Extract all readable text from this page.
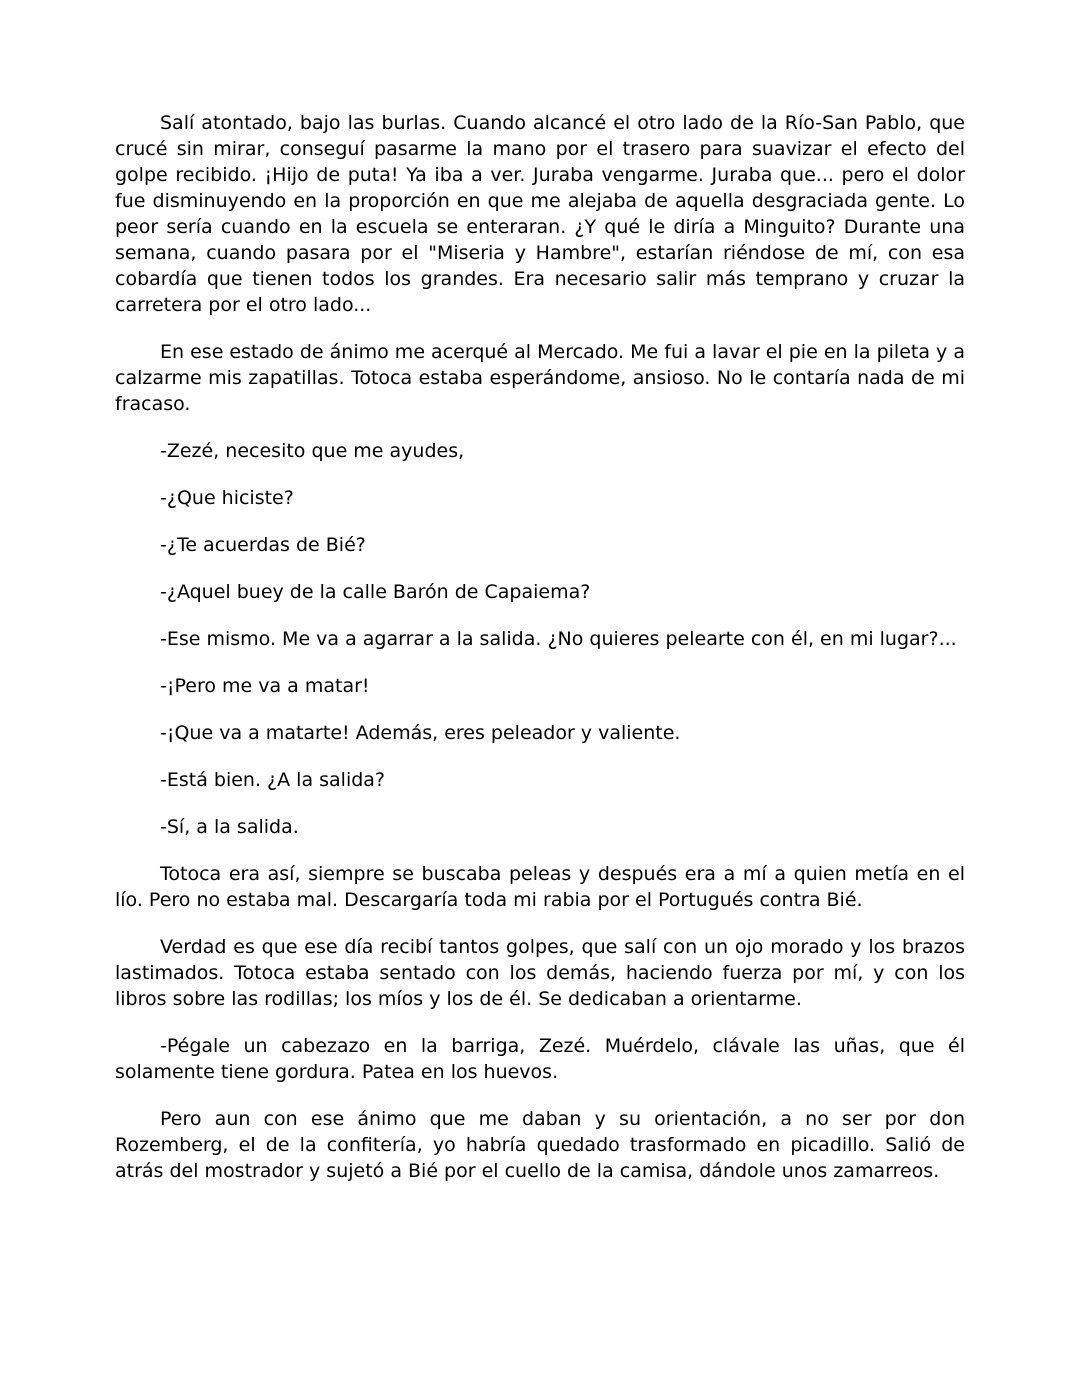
Salí atontado, bajo las burlas. Cuando alcancé el otro lado de la Río-San Pablo, que crucé sin mirar, conseguí pasarme la mano por el trasero para suavizar el efecto del golpe recibido. ¡Hijo de puta! Ya iba a ver. Juraba vengarme. Juraba que... pero el dolor fue disminuyendo en la proporción en que me alejaba de aquella desgraciada gente. Lo peor sería cuando en la escuela se enteraran. ¿Y qué le diría a Minguito? Durante una semana, cuando pasara por el "Miseria y Hambre", estarían riéndose de mí, con esa cobardía que tienen todos los grandes. Era necesario salir más temprano y cruzar la carretera por el otro lado...

En ese estado de ánimo me acerqué al Mercado. Me fui a lavar el pie en la pileta y a calzarme mis zapatillas. Totoca estaba esperándome, ansioso. No le contaría nada de mi fracaso.

-Zezé, necesito que me ayudes,

-¿Que hiciste?

-¿Te acuerdas de Bié?

-¿Aquel buey de la calle Barón de Capaiema?

-Ese mismo. Me va a agarrar a la salida. ¿No quieres pelearte con él, en mi lugar?...

-¡Pero me va a matar!

-¡Que va a matarte! Además, eres peleador y valiente.

-Está bien. ¿A la salida?

-Sí, a la salida.

Totoca era así, siempre se buscaba peleas y después era a mí a quien metía en el lío. Pero no estaba mal. Descargaría toda mi rabia por el Portugués contra Bié.

Verdad es que ese día recibí tantos golpes, que salí con un ojo morado y los brazos lastimados. Totoca estaba sentado con los demás, haciendo fuerza por mí, y con los libros sobre las rodillas; los míos y los de él. Se dedicaban a orientarme.

-Pégale un cabezazo en la barriga, Zezé. Muérdelo, clávale las uñas, que él solamente tiene gordura. Patea en los huevos.

Pero aun con ese ánimo que me daban y su orientación, a no ser por don Rozemberg, el de la confitería, yo habría quedado trasformado en picadillo. Salió de atrás del mostrador y sujetó a Bié por el cuello de la camisa, dándole unos zamarreos.
